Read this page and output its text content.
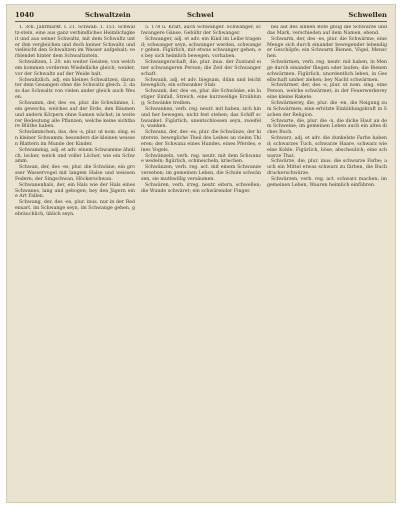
1040	Schwaltzein	Schwel	Schwellen

1. 3ch. Jahrmarkt. I. 21. Schwab. 1. 151. Schwaltz-stein, eine aus ganz verbindliches Heimlichigkeit und aus seiner Schwaltz, mit dem Schwaltz unter ihm vergleichen und doch keiner Schwaltz und vielleicht den Schwaltzen im Wasser aufgehalt; verblendet hinter dem Schwaltzstein.

Schwaltzen, I. 20. ein weiter Geisten, von welchem kommen vorderem Wiedelliche gleich; weider, vor der Schwaltz auf der Weide halt.

Schwaltzlich, adj. ein kleines Schwaltzen, darunter dem Gesangen ohne die Schwaltz gleich. 2. dass das Schwaltz von vielen ander gleich auch Wesen.

Schwamm, der, des -es, plur. die Schwämme, I. ein gewechs, welches auf der Erde, den Bäumen und andern Körpern ohne Samen wächst; in weiterer Bedeutung alle Pflanzen, welche keine sichtbare Blüthe haben.

Schwämmchen, das, des -s, plur. ut nom. sing. ein kleiner Schwamm; besonders die kleinen weissen Blattern im Munde der Kinder.

Schwammig, adj. et adv. einem Schwamme ähnlich, locker, weich und voller Löcher, wie ein Schwamm.

Schwan, der, des -es, plur. die Schwäne, ein grosser Wasservogel mit langem Halse und weissen Federn; der Singschwan, Höckerschwan.

Schwanenhals, der, ein Hals wie der Hals eines Schwanes, lang und gebogen; bey den Jägern eine Art Fallen.

Schwang, der, des -es, plur. inus. nur in der Redensart, im Schwange seyn, im Schwange gehen, gebräuchlich, üblich seyn.

5. 178 u. Kraft, auch Schwanger. Schwanger, schwangere Gänse, Gebühr der Schwanger.

Schwanger, adj. et adv. ein Kind im Leibe tragend; schwanger seyn, schwanger werden, schwanger gehen. Figürlich, mit etwas schwanger gehen, es bey sich heimlich bewegen, vorhaben.

Schwangerschaft, die, plur. inus. der Zustand einer schwangeren Person; die Zeit der Schwangerschaft.

Schwank, adj. et adv. biegsam, dünn und leicht beweglich; ein schwanker Stab.

Schwank, der, des -es, plur. die Schwänke, ein lustiger Einfall, Streich, eine kurzweilige Erzählung; Schwänke treiben.

Schwanken, verb. reg. neutr. mit haben, sich hin und her bewegen, nicht fest stehen; das Schiff schwanket. Figürlich, unentschlossen seyn, zweifeln, wanken.

Schwanz, der, des -es, plur. die Schwänze, der hinterste, bewegliche Theil des Leibes an vielen Thieren; der Schwanz eines Hundes, eines Pferdes, eines Vogels.

Schwänzeln, verb. reg. neutr. mit dem Schwanze wedeln; figürlich, schmeicheln, kriechen.

Schwänzen, verb. reg. act. mit einem Schwanze versehen; im gemeinen Leben, die Schule schwänzen, sie muthwillig versäumen.

Schwären, verb. irreg. neutr. eitern, schwellen; die Wunde schwäret; ein schwärender Finger.

bei auf des sinnen Bote gnug die Schwarze und das Mark, verschieden auf dem Namen, ebend.

Schwarm, der, des -es, plur. die Schwärme, eine Menge sich durch einander bewegender lebendiger Geschöpfe; ein Schwarm Bienen, Vögel, Menschen.

Schwärmen, verb. reg. neutr. mit haben, in Menge durch einander fliegen oder laufen; die Bienen schwärmen. Figürlich, unordentlich leben, in Gesellschaft umher ziehen; bey Nacht schwärmen.

Schwärmer, der, des -s, plur. ut nom. sing. eine Person, welche schwärmet; in der Feuerwerkerey eine kleine Rakete.

Schwärmerey, die, plur. die -en, die Neigung zum Schwärmen; eine erhitzte Einbildungskraft in Sachen der Religion.

Schwarte, die, plur. die -n, die dicke Haut an dem Schweine; im gemeinen Leben auch ein altes dickes Buch.

Schwarz, adj. et adv. die dunkelste Farbe habend; schwarzes Tuch, schwarze Haare, schwarz wie eine Kohle. Figürlich, böse, abscheulich; eine schwarze That.

Schwärze, die, plur. inus. die schwarze Farbe; auch ein Mittel etwas schwarz zu färben, die Buchdruckerschwärze.

Schwärzen, verb. reg. act. schwarz machen; im gemeinen Leben, Waaren heimlich einführen.
